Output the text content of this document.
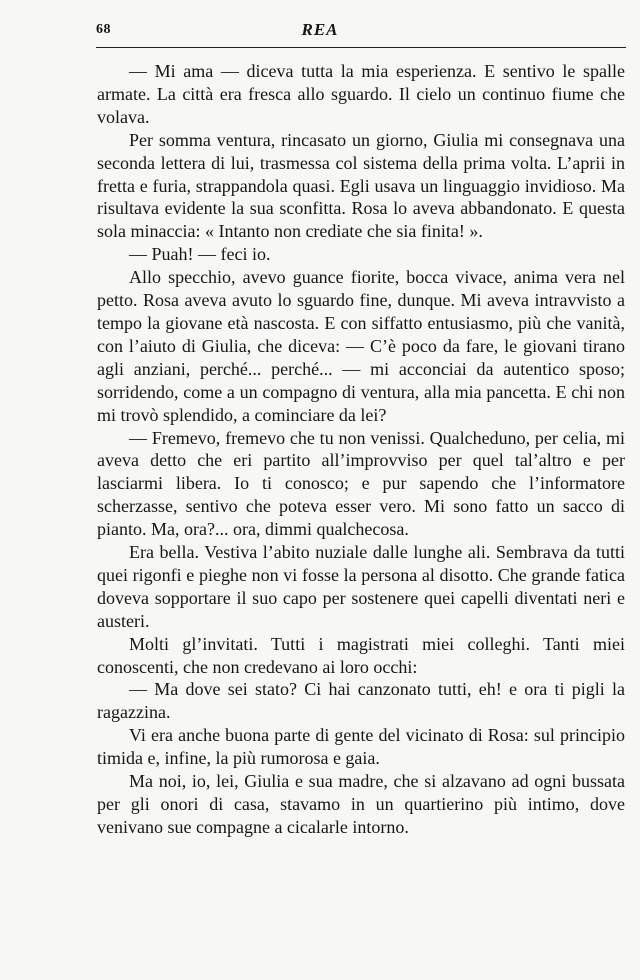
68	REA

— Mi ama — diceva tutta la mia esperienza. E sentivo le spalle armate. La città era fresca allo sguardo. Il cielo un continuo fiume che volava.

Per somma ventura, rincasato un giorno, Giulia mi consegnava una seconda lettera di lui, trasmessa col sistema della prima volta. L’aprii in fretta e furia, strappandola quasi. Egli usava un linguaggio invidioso. Ma risultava evidente la sua sconfitta. Rosa lo aveva abbandonato. E questa sola minaccia: « Intanto non crediate che sia finita! ».

— Puah! — feci io.

Allo specchio, avevo guance fiorite, bocca vivace, anima vera nel petto. Rosa aveva avuto lo sguardo fine, dunque. Mi aveva intravvisto a tempo la giovane età nascosta. E con siffatto entusiasmo, più che vanità, con l’aiuto di Giulia, che diceva: — C’è poco da fare, le giovani tirano agli anziani, perché... perché... — mi acconciai da autentico sposo; sorridendo, come a un compagno di ventura, alla mia pancetta. E chi non mi trovò splendido, a cominciare da lei?

— Fremevo, fremevo che tu non venissi. Qualcheduno, per celia, mi aveva detto che eri partito all’improvviso per quel tal’altro e per lasciarmi libera. Io ti conosco; e pur sapendo che l’informatore scherzasse, sentivo che poteva esser vero. Mi sono fatto un sacco di pianto. Ma, ora?... ora, dimmi qualchecosa.

Era bella. Vestiva l’abito nuziale dalle lunghe ali. Sembrava da tutti quei rigonfi e pieghe non vi fosse la persona al disotto. Che grande fatica doveva sopportare il suo capo per sostenere quei capelli diventati neri e austeri.

Molti gl’invitati. Tutti i magistrati miei colleghi. Tanti miei conoscenti, che non credevano ai loro occhi:

— Ma dove sei stato? Ci hai canzonato tutti, eh! e ora ti pigli la ragazzina.

Vi era anche buona parte di gente del vicinato di Rosa: sul principio timida e, infine, la più rumorosa e gaia.

Ma noi, io, lei, Giulia e sua madre, che si alzavano ad ogni bussata per gli onori di casa, stavamo in un quartierino più intimo, dove venivano sue compagne a cicalarle intorno.
